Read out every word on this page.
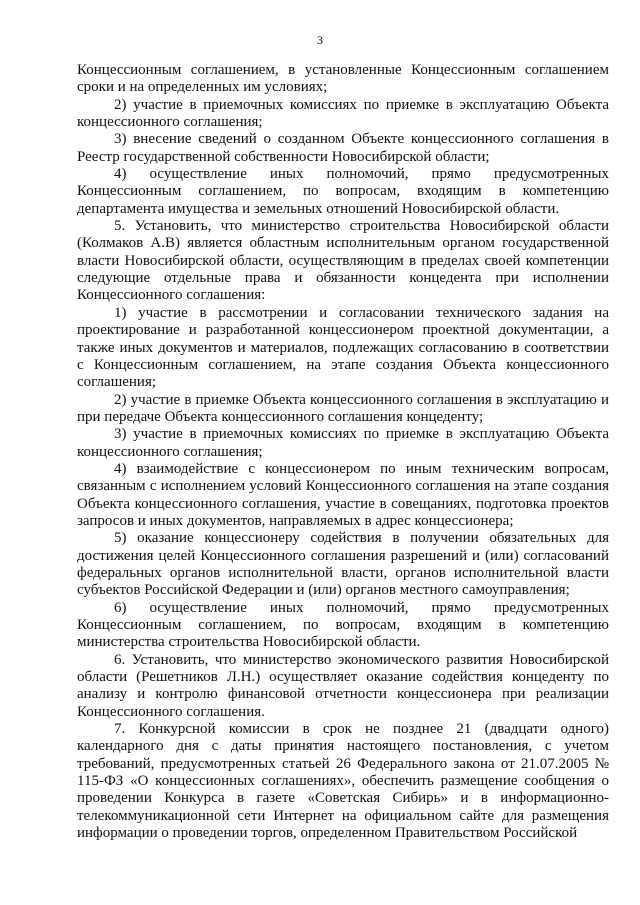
3

Концессионным соглашением, в установленные Концессионным соглашением сроки и на определенных им условиях;

2) участие в приемочных комиссиях по приемке в эксплуатацию Объекта концессионного соглашения;

3) внесение сведений о созданном Объекте концессионного соглашения в Реестр государственной собственности Новосибирской области;

4) осуществление иных полномочий, прямо предусмотренных Концессионным соглашением, по вопросам, входящим в компетенцию департамента имущества и земельных отношений Новосибирской области.

5. Установить, что министерство строительства Новосибирской области (Колмаков А.В) является областным исполнительным органом государственной власти Новосибирской области, осуществляющим в пределах своей компетенции следующие отдельные права и обязанности концедента при исполнении Концессионного соглашения:

1) участие в рассмотрении и согласовании технического задания на проектирование и разработанной концессионером проектной документации, а также иных документов и материалов, подлежащих согласованию в соответствии с Концессионным соглашением, на этапе создания Объекта концессионного соглашения;

2) участие в приемке Объекта концессионного соглашения в эксплуатацию и при передаче Объекта концессионного соглашения концеденту;

3) участие в приемочных комиссиях по приемке в эксплуатацию Объекта концессионного соглашения;

4) взаимодействие с концессионером по иным техническим вопросам, связанным с исполнением условий Концессионного соглашения на этапе создания Объекта концессионного соглашения, участие в совещаниях, подготовка проектов запросов и иных документов, направляемых в адрес концессионера;

5) оказание концессионеру содействия в получении обязательных для достижения целей Концессионного соглашения разрешений и (или) согласований федеральных органов исполнительной власти, органов исполнительной власти субъектов Российской Федерации и (или) органов местного самоуправления;

6) осуществление иных полномочий, прямо предусмотренных Концессионным соглашением, по вопросам, входящим в компетенцию министерства строительства Новосибирской области.

6. Установить, что министерство экономического развития Новосибирской области (Решетников Л.Н.) осуществляет оказание содействия концеденту по анализу и контролю финансовой отчетности концессионера при реализации Концессионного соглашения.

7. Конкурсной комиссии в срок не позднее 21 (двадцати одного) календарного дня с даты принятия настоящего постановления, с учетом требований, предусмотренных статьей 26 Федерального закона от 21.07.2005 № 115-ФЗ «О концессионных соглашениях», обеспечить размещение сообщения о проведении Конкурса в газете «Советская Сибирь» и в информационно-телекоммуникационной сети Интернет на официальном сайте для размещения информации о проведении торгов, определенном Правительством Российской
